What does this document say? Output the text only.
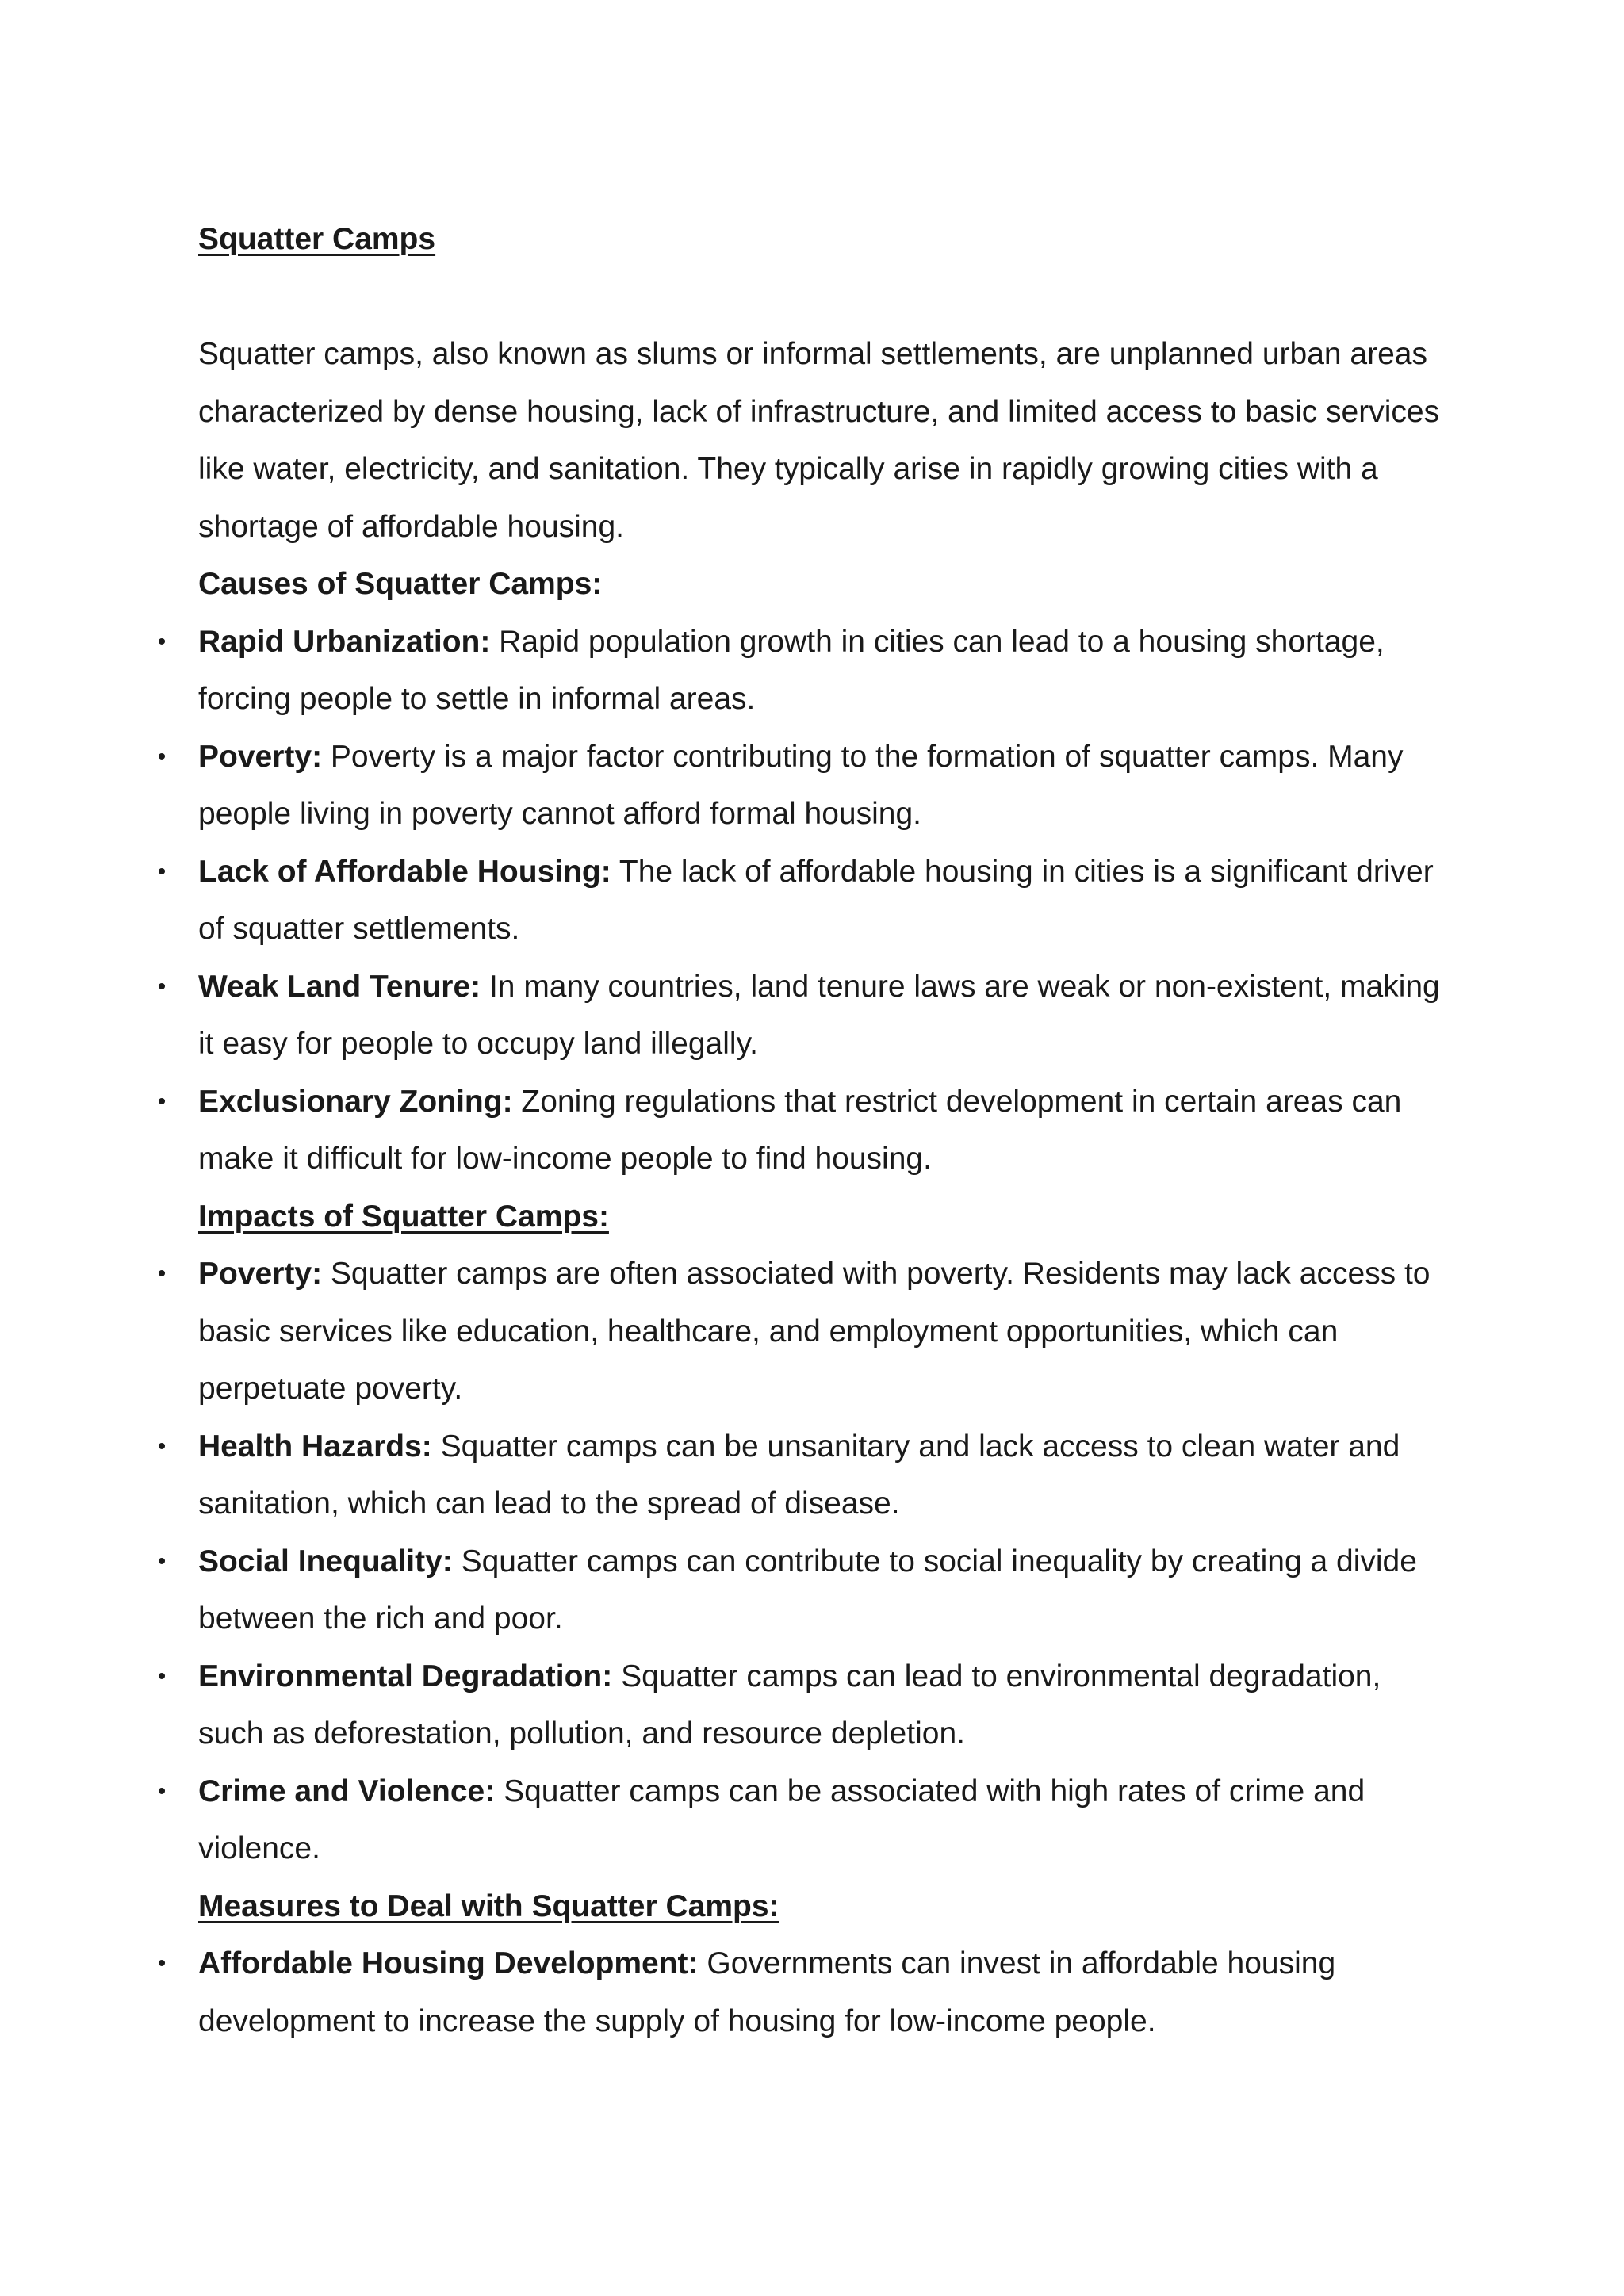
Squatter Camps

Squatter camps, also known as slums or informal settlements, are unplanned urban areas characterized by dense housing, lack of infrastructure, and limited access to basic services like water, electricity, and sanitation. They typically arise in rapidly growing cities with a shortage of affordable housing.

Causes of Squatter Camps:
• Rapid Urbanization: Rapid population growth in cities can lead to a housing shortage, forcing people to settle in informal areas.
• Poverty: Poverty is a major factor contributing to the formation of squatter camps. Many people living in poverty cannot afford formal housing.
• Lack of Affordable Housing: The lack of affordable housing in cities is a significant driver of squatter settlements.
• Weak Land Tenure: In many countries, land tenure laws are weak or non-existent, making it easy for people to occupy land illegally.
• Exclusionary Zoning: Zoning regulations that restrict development in certain areas can make it difficult for low-income people to find housing.
Impacts of Squatter Camps:
• Poverty: Squatter camps are often associated with poverty. Residents may lack access to basic services like education, healthcare, and employment opportunities, which can perpetuate poverty.
• Health Hazards: Squatter camps can be unsanitary and lack access to clean water and sanitation, which can lead to the spread of disease.
• Social Inequality: Squatter camps can contribute to social inequality by creating a divide between the rich and poor.
• Environmental Degradation: Squatter camps can lead to environmental degradation, such as deforestation, pollution, and resource depletion.
• Crime and Violence: Squatter camps can be associated with high rates of crime and violence.
Measures to Deal with Squatter Camps:
• Affordable Housing Development: Governments can invest in affordable housing development to increase the supply of housing for low-income people.
